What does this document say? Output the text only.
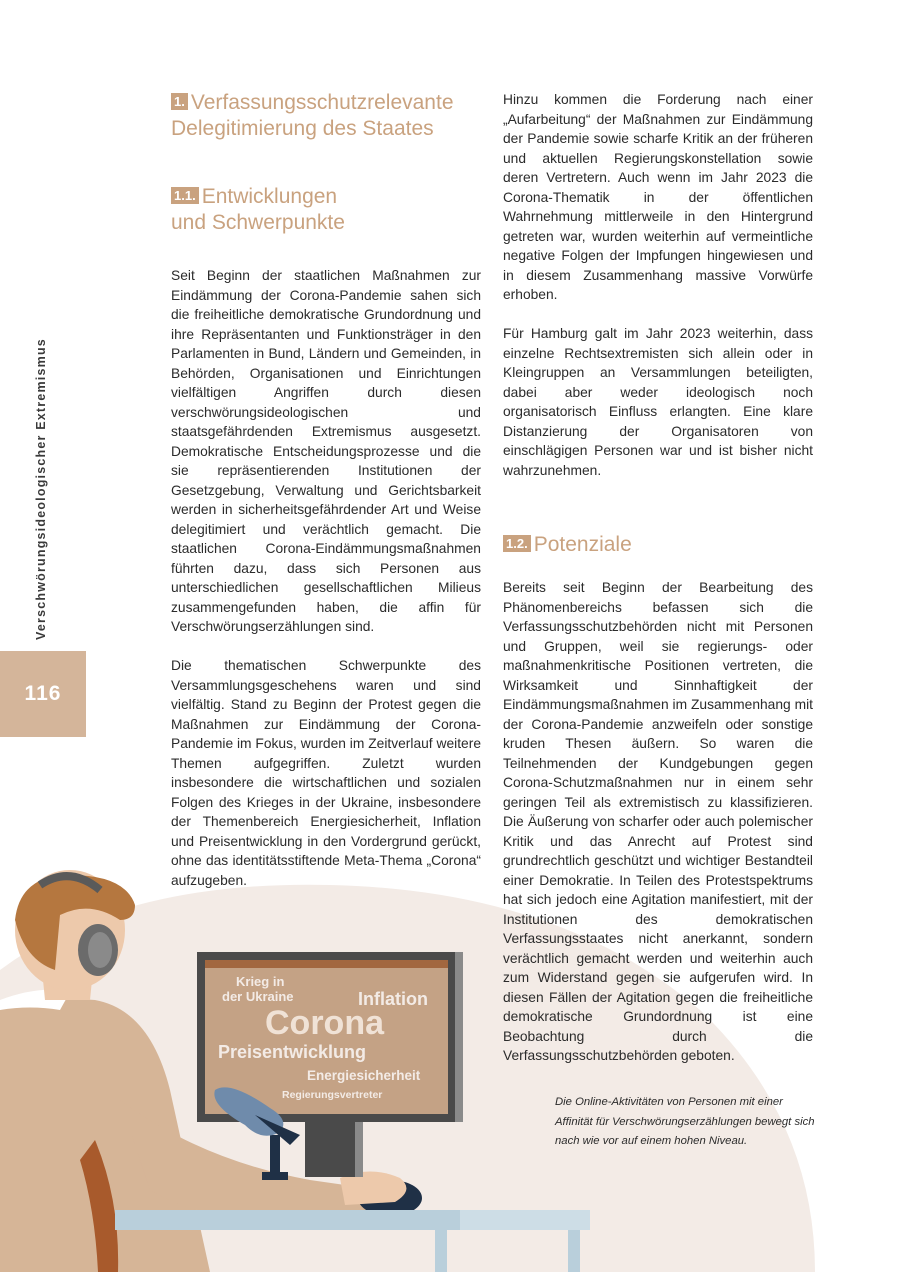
Verschwörungsideologischer Extremismus
116
Krieg in
der Ukraine	Inflation
Corona
Preisentwicklung
Energiesicherheit
Regierungsvertreter
1. Verfassungsschutzrelevante Delegitimierung des Staates
1.1. Entwicklungen
und Schwerpunkte

Seit Beginn der staatlichen Maßnahmen zur Eindämmung der Corona-Pandemie sahen sich die freiheitliche demokratische Grundordnung und ihre Repräsentanten und Funktionsträger in den Parlamenten in Bund, Ländern und Gemeinden, in Behörden, Organisationen und Einrichtungen vielfältigen Angriffen durch diesen verschwörungsideologischen und staatsgefährdenden Extremismus ausgesetzt. Demokratische Entscheidungsprozesse und die sie repräsentierenden Institutionen der Gesetzgebung, Verwaltung und Gerichtsbarkeit werden in sicherheitsgefährdender Art und Weise delegitimiert und verächtlich gemacht. Die staatlichen Corona-Eindämmungsmaßnahmen führten dazu, dass sich Personen aus unterschiedlichen gesellschaftlichen Milieus zusammengefunden haben, die affin für Verschwörungserzählungen sind.

Die thematischen Schwerpunkte des Versammlungsgeschehens waren und sind vielfältig. Stand zu Beginn der Protest gegen die Maßnahmen zur Eindämmung der Corona-Pandemie im Fokus, wurden im Zeitverlauf weitere Themen aufgegriffen. Zuletzt wurden insbesondere die wirtschaftlichen und sozialen Folgen des Krieges in der Ukraine, insbesondere der Themenbereich Energiesicherheit, Inflation und Preisentwicklung in den Vordergrund gerückt, ohne das identitätsstiftende Meta-Thema „Corona“ aufzugeben.

Hinzu kommen die Forderung nach einer „Aufarbeitung“ der Maßnahmen zur Eindämmung der Pandemie sowie scharfe Kritik an der früheren und aktuellen Regierungskonstellation sowie deren Vertretern. Auch wenn im Jahr 2023 die Corona-Thematik in der öffentlichen Wahrnehmung mittlerweile in den Hintergrund getreten war, wurden weiterhin auf vermeintliche negative Folgen der Impfungen hingewiesen und in diesem Zusammenhang massive Vorwürfe erhoben.

Für Hamburg galt im Jahr 2023 weiterhin, dass einzelne Rechtsextremisten sich allein oder in Kleingruppen an Versammlungen beteiligten, dabei aber weder ideologisch noch organisatorisch Einfluss erlangten. Eine klare Distanzierung der Organisatoren von einschlägigen Personen war und ist bisher nicht wahrzunehmen.

1.2. Potenziale

Bereits seit Beginn der Bearbeitung des Phänomenbereichs befassen sich die Verfassungsschutzbehörden nicht mit Personen und Gruppen, weil sie regierungs- oder maßnahmenkritische Positionen vertreten, die Wirksamkeit und Sinnhaftigkeit der Eindämmungsmaßnahmen im Zusammenhang mit der Corona-Pandemie anzweifeln oder sonstige kruden Thesen äußern. So waren die Teilnehmenden der Kundgebungen gegen Corona-Schutzmaßnahmen nur in einem sehr geringen Teil als extremistisch zu klassifizieren. Die Äußerung von scharfer oder auch polemischer Kritik und das Anrecht auf Protest sind grundrechtlich geschützt und wichtiger Bestandteil einer Demokratie. In Teilen des Protestspektrums hat sich jedoch eine Agitation manifestiert, mit der Institutionen des demokratischen Verfassungsstaates nicht anerkannt, sondern verächtlich gemacht werden und weiterhin auch zum Widerstand gegen sie aufgerufen wird. In diesen Fällen der Agitation gegen die freiheitliche demokratische Grundordnung ist eine Beobachtung durch die Verfassungsschutzbehörden geboten.

Die Online-Aktivitäten von Personen mit einer Affinität für Verschwörungserzählungen bewegt sich nach wie vor auf einem hohen Niveau.
